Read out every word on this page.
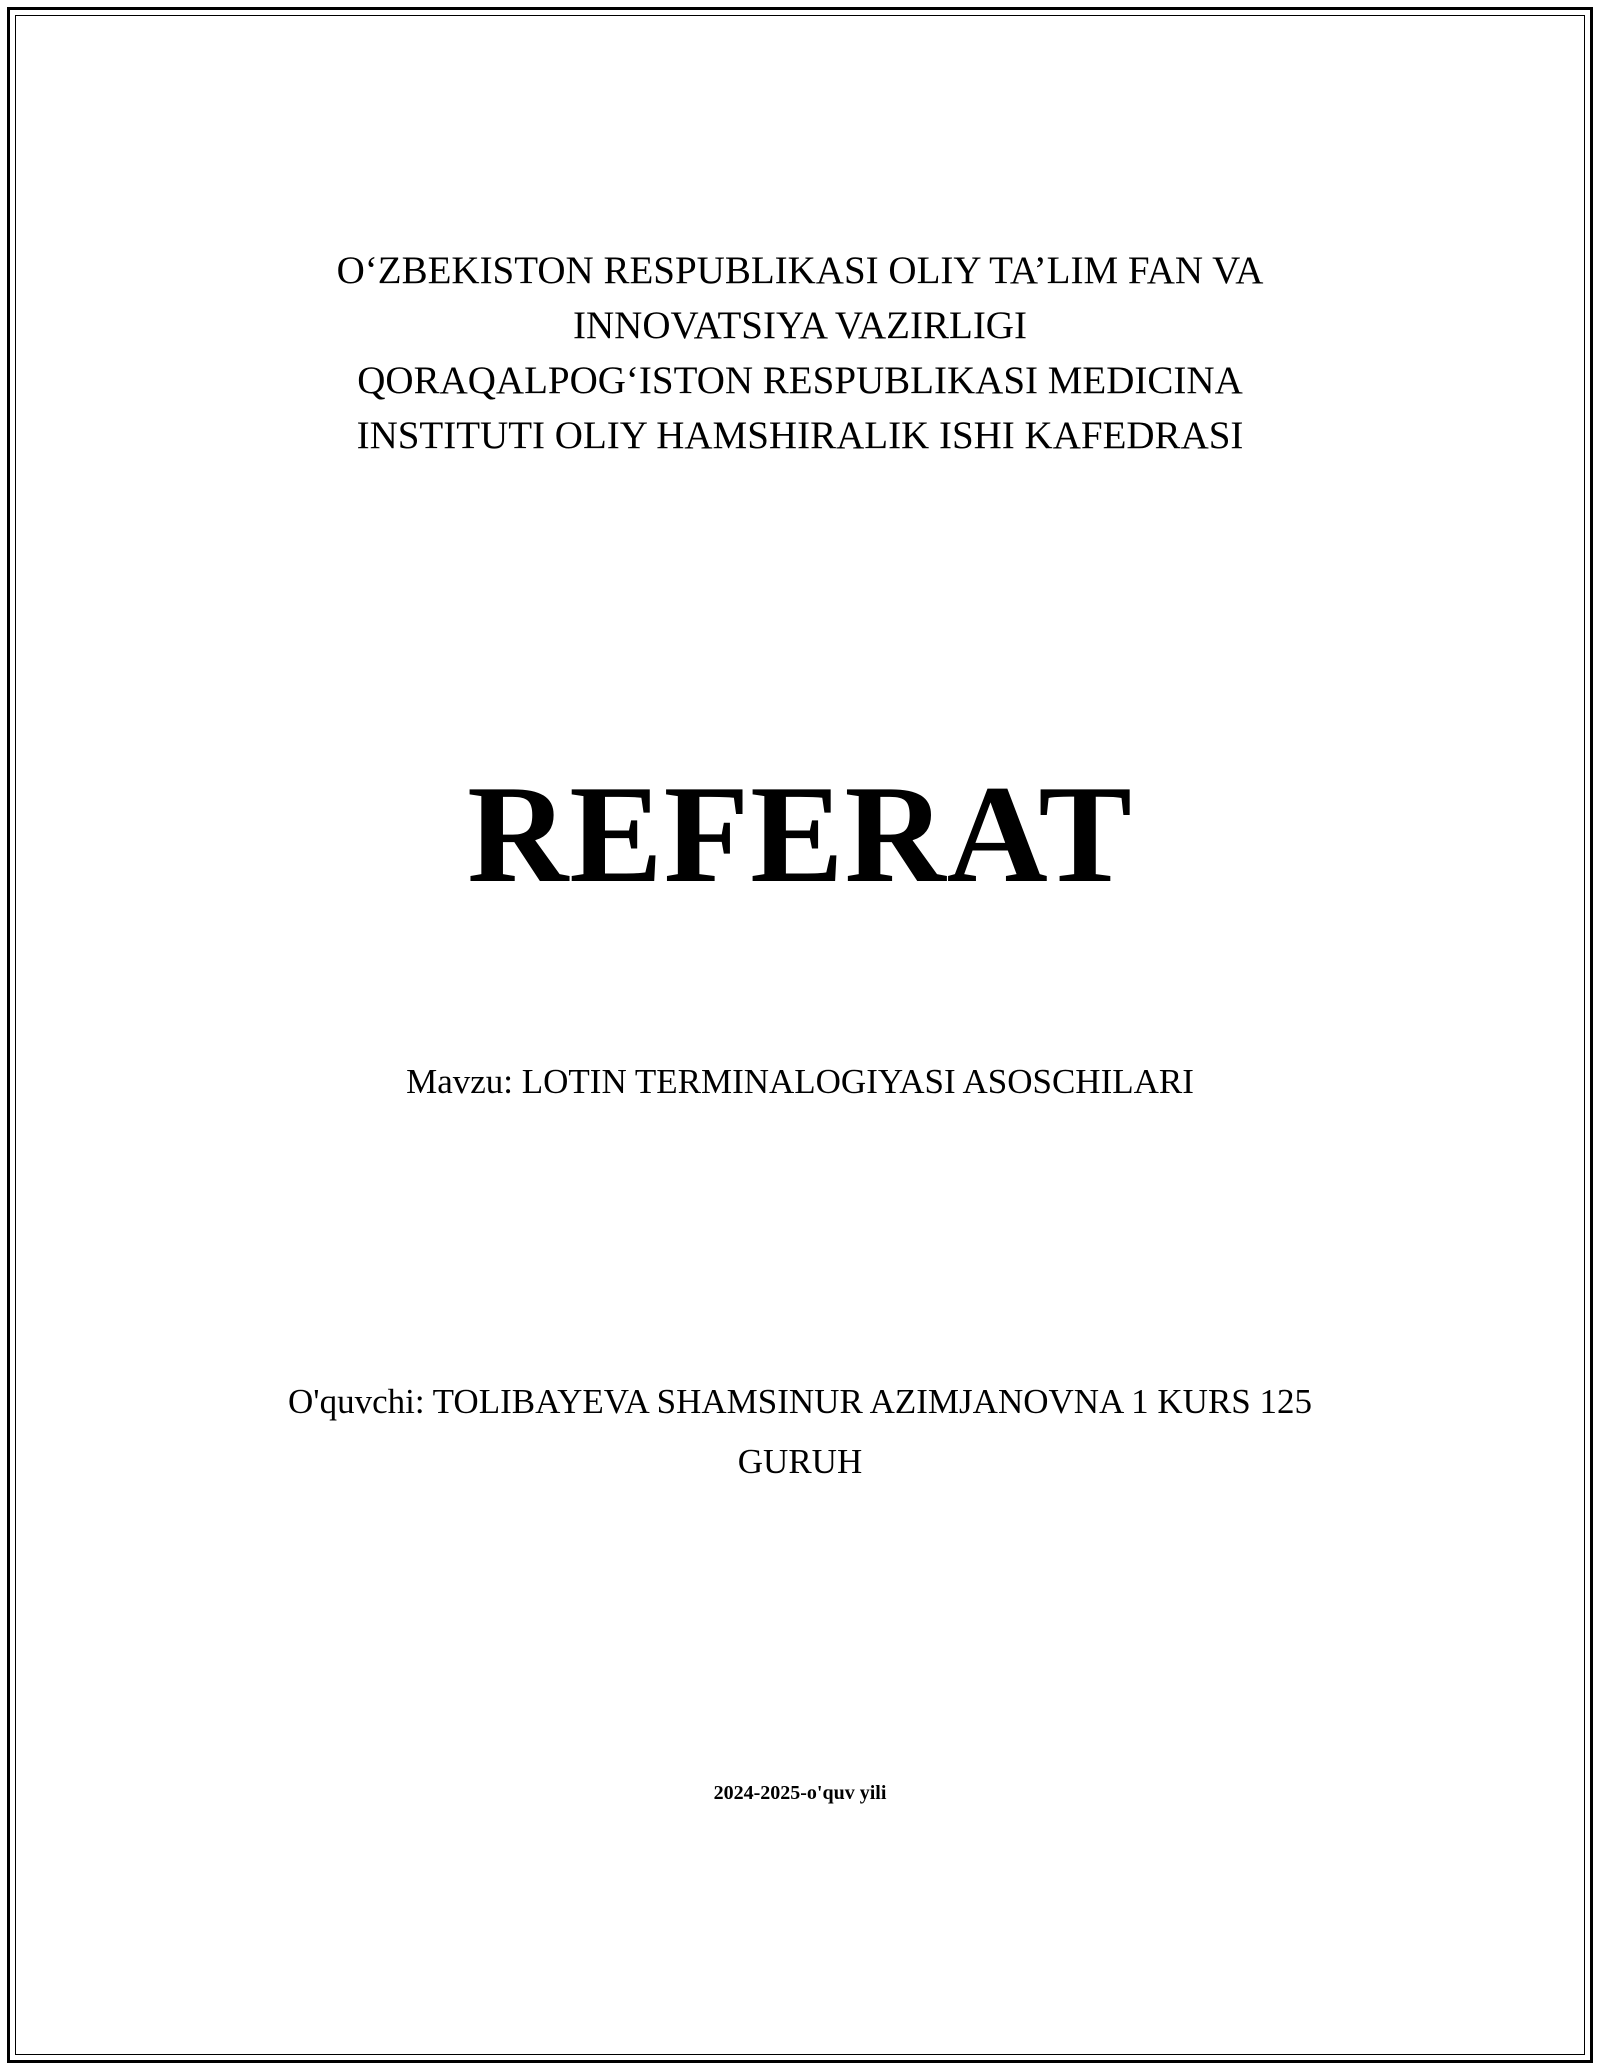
O‘ZBEKISTON RESPUBLIKASI OLIY TA’LIM FAN VA
INNOVATSIYA VAZIRLIGI
QORAQALPOG‘ISTON RESPUBLIKASI MEDICINA
INSTITUTI OLIY HAMSHIRALIK ISHI KAFEDRASI
REFERAT
Mavzu: LOTIN TERMINALOGIYASI ASOSCHILARI
O'quvchi: TOLIBAYEVA SHAMSINUR AZIMJANOVNA 1 KURS 125
GURUH
2024-2025-o'quv yili
